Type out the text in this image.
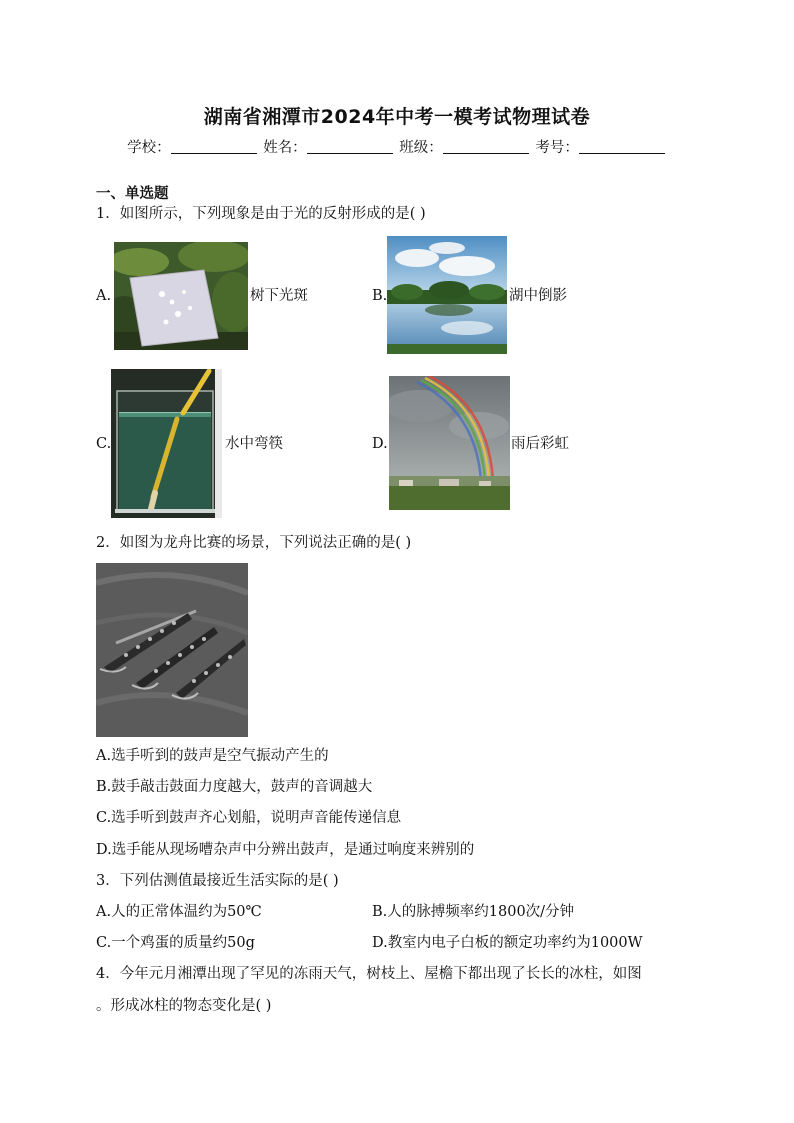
湖南省湘潭市2024年中考一模考试物理试卷
学校：	姓名：	班级：	考号：
一、单选题
1．如图所示，下列现象是由于光的反射形成的是( )
A.	树下光斑	B.	湖中倒影
C.	水中弯筷	D.	雨后彩虹
2．如图为龙舟比赛的场景，下列说法正确的是( )
A.选手听到的鼓声是空气振动产生的
B.鼓手敲击鼓面力度越大，鼓声的音调越大
C.选手听到鼓声齐心划船，说明声音能传递信息
D.选手能从现场嘈杂声中分辨出鼓声，是通过响度来辨别的
3．下列估测值最接近生活实际的是( )
A.人的正常体温约为50℃	B.人的脉搏频率约1800次/分钟
C.一个鸡蛋的质量约50g	D.教室内电子白板的额定功率约为1000W
4．今年元月湘潭出现了罕见的冻雨天气，树枝上、屋檐下都出现了长长的冰柱，如图
。形成冰柱的物态变化是( )
